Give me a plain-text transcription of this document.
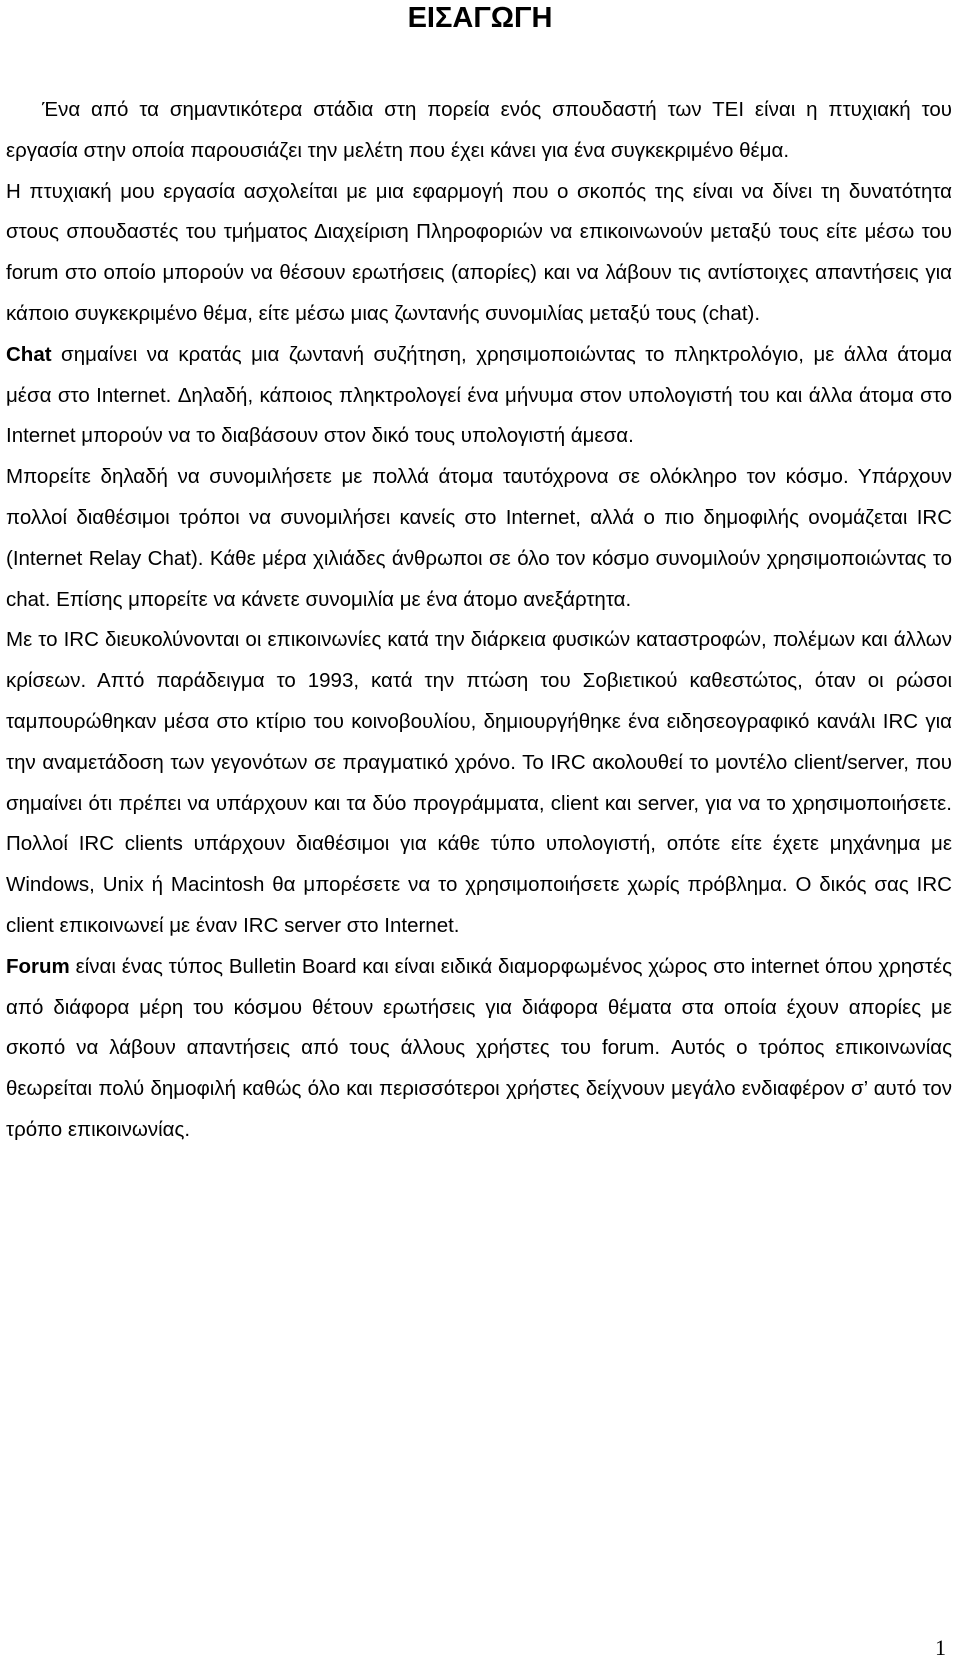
ΕΙΣΑΓΩΓΗ

Ένα από τα σημαντικότερα στάδια στη πορεία ενός σπουδαστή των ΤΕΙ είναι η πτυχιακή του εργασία στην οποία παρουσιάζει την μελέτη που έχει κάνει για ένα συγκεκριμένο θέμα.

Η πτυχιακή μου εργασία ασχολείται με μια εφαρμογή που ο σκοπός της είναι να δίνει τη δυνατότητα στους σπουδαστές του τμήματος Διαχείριση Πληροφοριών να επικοινωνούν μεταξύ τους είτε μέσω του forum στο οποίο μπορούν να θέσουν ερωτήσεις (απορίες) και να λάβουν τις αντίστοιχες απαντήσεις για κάποιο συγκεκριμένο θέμα, είτε μέσω μιας ζωντανής συνομιλίας μεταξύ τους (chat).

Chat σημαίνει να κρατάς μια ζωντανή συζήτηση, χρησιμοποιώντας το πληκτρολόγιο, με άλλα άτομα μέσα στο Internet. Δηλαδή, κάποιος πληκτρολογεί ένα μήνυμα στον υπολογιστή του και άλλα άτομα στο Internet μπορούν να το διαβάσουν στον δικό τους υπολογιστή άμεσα.

Μπορείτε δηλαδή να συνομιλήσετε με πολλά άτομα ταυτόχρονα σε ολόκληρο τον κόσμο. Υπάρχουν πολλοί διαθέσιμοι τρόποι να συνομιλήσει κανείς στο Internet, αλλά ο πιο δημοφιλής ονομάζεται IRC (Internet Relay Chat). Κάθε μέρα χιλιάδες άνθρωποι σε όλο τον κόσμο συνομιλούν χρησιμοποιώντας το chat. Επίσης μπορείτε να κάνετε συνομιλία με ένα άτομο ανεξάρτητα.

Με το IRC διευκολύνονται οι επικοινωνίες κατά την διάρκεια φυσικών καταστροφών, πολέμων και άλλων κρίσεων. Απτό παράδειγμα το 1993, κατά την πτώση του Σοβιετικού καθεστώτος, όταν οι ρώσοι ταμπουρώθηκαν μέσα στο κτίριο του κοινοβουλίου, δημιουργήθηκε ένα ειδησεογραφικό κανάλι IRC για την αναμετάδοση των γεγονότων σε πραγματικό χρόνο. Το IRC ακολουθεί το μοντέλο client/server, που σημαίνει ότι πρέπει να υπάρχουν και τα δύο προγράμματα, client και server, για να το χρησιμοποιήσετε. Πολλοί IRC clients υπάρχουν διαθέσιμοι για κάθε τύπο υπολογιστή, οπότε είτε έχετε μηχάνημα με Windows, Unix ή Macintosh θα μπορέσετε να το χρησιμοποιήσετε χωρίς πρόβλημα. Ο δικός σας IRC client επικοινωνεί με έναν IRC server στο Internet.

Forum είναι ένας τύπος Bulletin Board και είναι ειδικά διαμορφωμένος χώρος στο internet όπου χρηστές από διάφορα μέρη του κόσμου θέτουν ερωτήσεις για διάφορα θέματα στα οποία έχουν απορίες με σκοπό να λάβουν απαντήσεις από τους άλλους χρήστες του forum. Αυτός ο τρόπος επικοινωνίας θεωρείται πολύ δημοφιλή καθώς όλο και περισσότεροι χρήστες δείχνουν μεγάλο ενδιαφέρον σ’ αυτό τον τρόπο επικοινωνίας.

1
